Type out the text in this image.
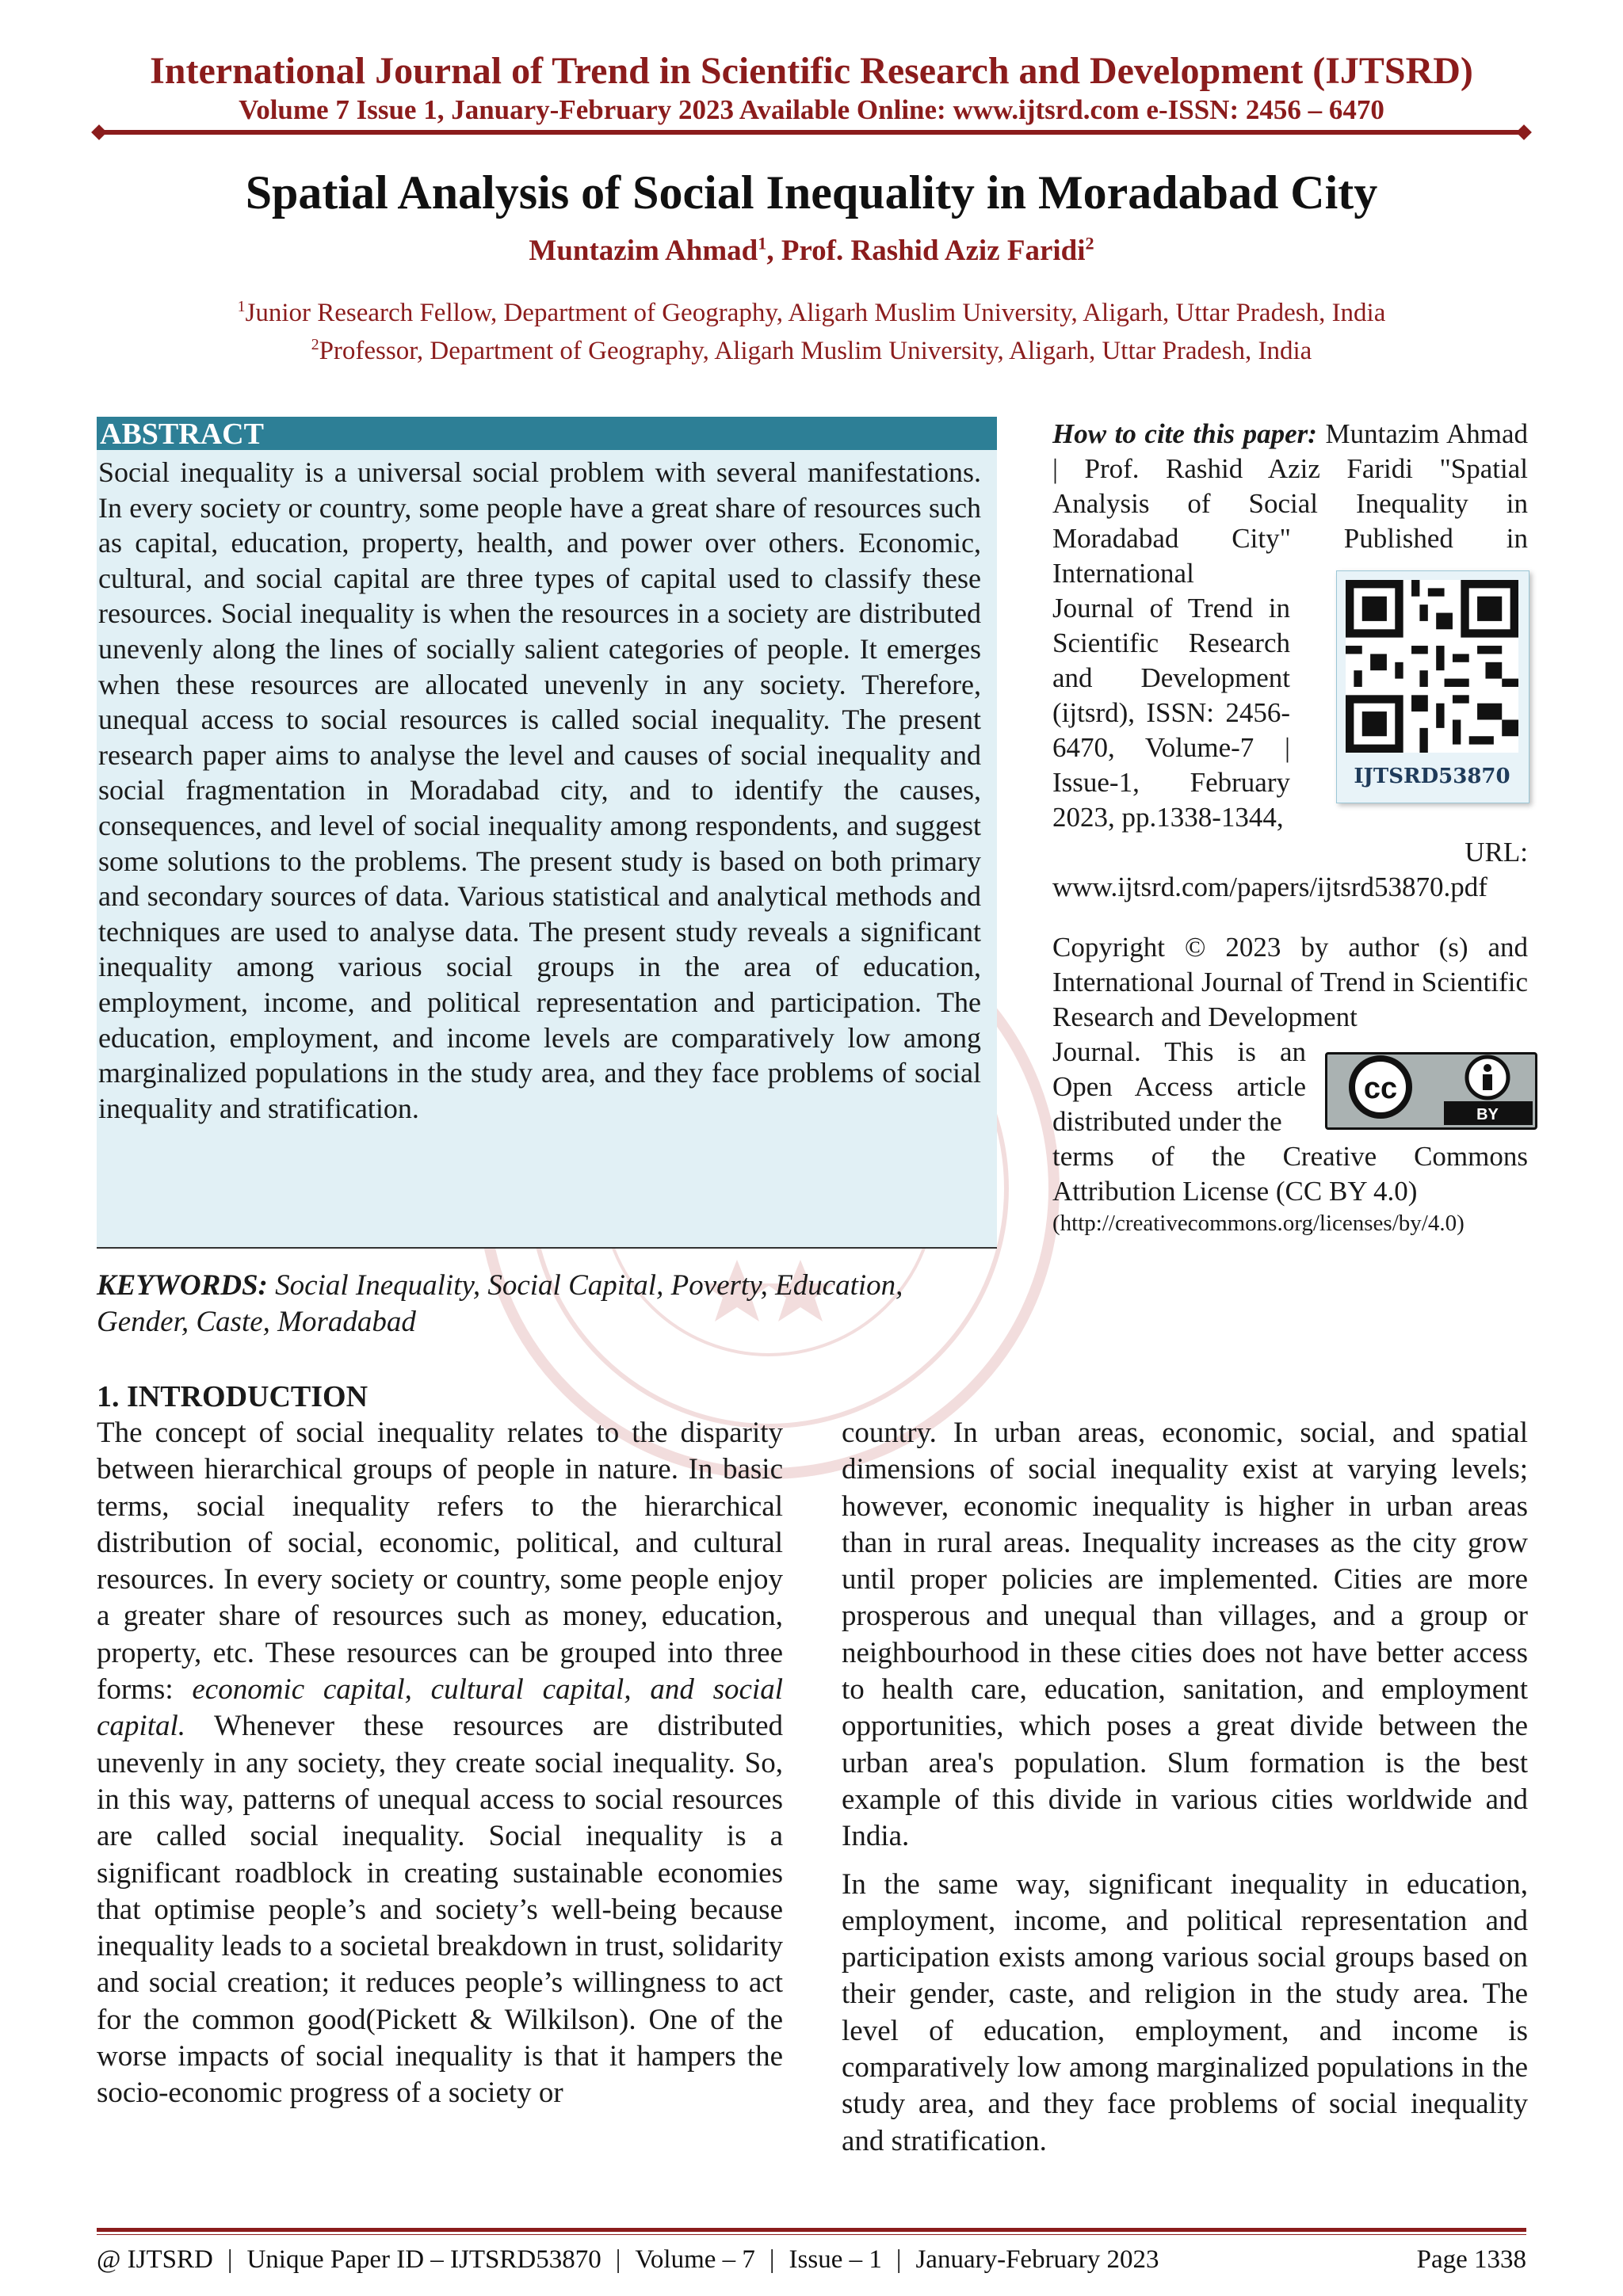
International Journal of Trend in Scientific Research and Development (IJTSRD)
Volume 7 Issue 1, January-February 2023 Available Online: www.ijtsrd.com e-ISSN: 2456 – 6470
Spatial Analysis of Social Inequality in Moradabad City
Muntazim Ahmad$^1$, Prof. Rashid Aziz Faridi$^2$
$^1$Junior Research Fellow, Department of Geography, Aligarh Muslim University, Aligarh, Uttar Pradesh, India
$^2$Professor, Department of Geography, Aligarh Muslim University, Aligarh, Uttar Pradesh, India
ABSTRACT
Social inequality is a universal social problem with several manifestations. In every society or country, some people have a great share of resources such as capital, education, property, health, and power over others. Economic, cultural, and social capital are three types of capital used to classify these resources. Social inequality is when the resources in a society are distributed unevenly along the lines of socially salient categories of people. It emerges when these resources are allocated unevenly in any society. Therefore, unequal access to social resources is called social inequality. The present research paper aims to analyse the level and causes of social inequality and social fragmentation in Moradabad city, and to identify the causes, consequences, and level of social inequality among respondents, and suggest some solutions to the problems. The present study is based on both primary and secondary sources of data. Various statistical and analytical methods and techniques are used to analyse data. The present study reveals a significant inequality among various social groups in the area of education, employment, income, and political representation and participation. The education, employment, and income levels are comparatively low among marginalized populations in the study area, and they face problems of social inequality and stratification.
How to cite this paper: Muntazim Ahmad | Prof. Rashid Aziz Faridi "Spatial Analysis of Social Inequality in Moradabad City" Published in International
Journal of Trend in Scientific Research and Development (ijtsrd), ISSN: 2456-6470, Volume-7 | Issue-1, February 2023, pp.1338-1344,
URL:
www.ijtsrd.com/papers/ijtsrd53870.pdf
IJTSRD53870
Copyright © 2023 by author (s) and International Journal of Trend in Scientific Research and Development
Journal. This is an Open Access article distributed under the
terms of the Creative Commons Attribution License (CC BY 4.0)
(http://creativecommons.org/licenses/by/4.0)
cc
BY
KEYWORDS: Social Inequality, Social Capital, Poverty, Education, Gender, Caste, Moradabad
1. INTRODUCTION

The concept of social inequality relates to the disparity between hierarchical groups of people in nature. In basic terms, social inequality refers to the hierarchical distribution of social, economic, political, and cultural resources. In every society or country, some people enjoy a greater share of resources such as money, education, property, etc. These resources can be grouped into three forms: economic capital, cultural capital, and social capital. Whenever these resources are distributed unevenly in any society, they create social inequality. So, in this way, patterns of unequal access to social resources are called social inequality. Social inequality is a significant roadblock in creating sustainable economies that optimise people’s and society’s well-being because inequality leads to a societal breakdown in trust, solidarity and social creation; it reduces people’s willingness to act for the common good(Pickett & Wilkilson). One of the worse impacts of social inequality is that it hampers the socio-economic progress of a society or

country. In urban areas, economic, social, and spatial dimensions of social inequality exist at varying levels; however, economic inequality is higher in urban areas than in rural areas. Inequality increases as the city grow until proper policies are implemented. Cities are more prosperous and unequal than villages, and a group or neighbourhood in these cities does not have better access to health care, education, sanitation, and employment opportunities, which poses a great divide between the urban area's population. Slum formation is the best example of this divide in various cities worldwide and India.

In the same way, significant inequality in education, employment, income, and political representation and participation exists among various social groups based on their gender, caste, and religion in the study area. The level of education, employment, and income is comparatively low among marginalized populations in the study area, and they face problems of social inequality and stratification.

@ IJTSRD | Unique Paper ID – IJTSRD53870 | Volume – 7 | Issue – 1 | January-February 2023	Page 1338
